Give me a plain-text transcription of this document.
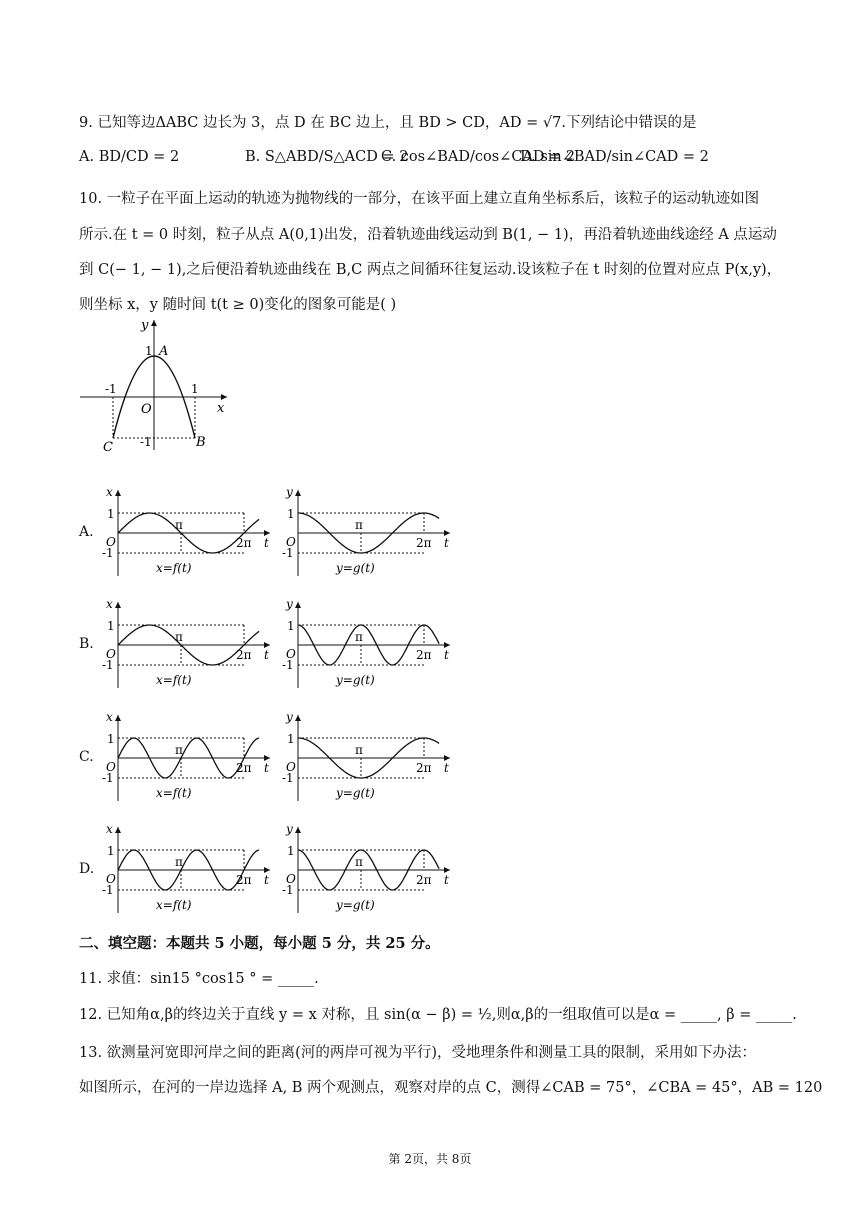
9. 已知等边ΔABC 边长为 3，点 D 在 BC 边上，且 BD > CD，AD = √7.下列结论中错误的是
A. BD/CD = 2	B. S△ABD/S△ACD = 2
C. cos∠BAD/cos∠CAD = 2
D. sin∠BAD/sin∠CAD = 2
10. 一粒子在平面上运动的轨迹为抛物线的一部分，在该平面上建立直角坐标系后，该粒子的运动轨迹如图
所示.在 t = 0 时刻，粒子从点 A(0,1)出发，沿着轨迹曲线运动到 B(1, − 1)，再沿着轨迹曲线途经 A 点运动
到 C(− 1, − 1),之后便沿着轨迹曲线在 B,C 两点之间循环往复运动.设该粒子在 t 时刻的位置对应点 P(x,y)，
则坐标 x，y 随时间 t(t ≥ 0)变化的图象可能是( )
y
x
A
1
-1	1
O
C	B
-1
A.
x
1
O
-1
π
2π t
x=f(t)
y
1
O
-1
π
2π t
y=g(t)
B.
x
1
O
-1
π
2π t
x=f(t)
y
1
O
-1
π
2π t
y=g(t)
C.
x
1
O
-1
π
2π t
x=f(t)
y
1
O
-1
π
2π t
y=g(t)
D.
x
1
O
-1
π
2π t
x=f(t)
y
1
O
-1
π
2π t
y=g(t)
二、填空题：本题共 5 小题，每小题 5 分，共 25 分。
11. 求值：sin15 °cos15 ° = _____.
12. 已知角α,β的终边关于直线 y = x 对称，且 sin(α − β) = ½,则α,β的一组取值可以是α = _____, β = _____.
13. 欲测量河宽即河岸之间的距离(河的两岸可视为平行)，受地理条件和测量工具的限制，采用如下办法：
如图所示，在河的一岸边选择 A, B 两个观测点，观察对岸的点 C，测得∠CAB = 75°，∠CBA = 45°，AB = 120
第 2页，共 8页
